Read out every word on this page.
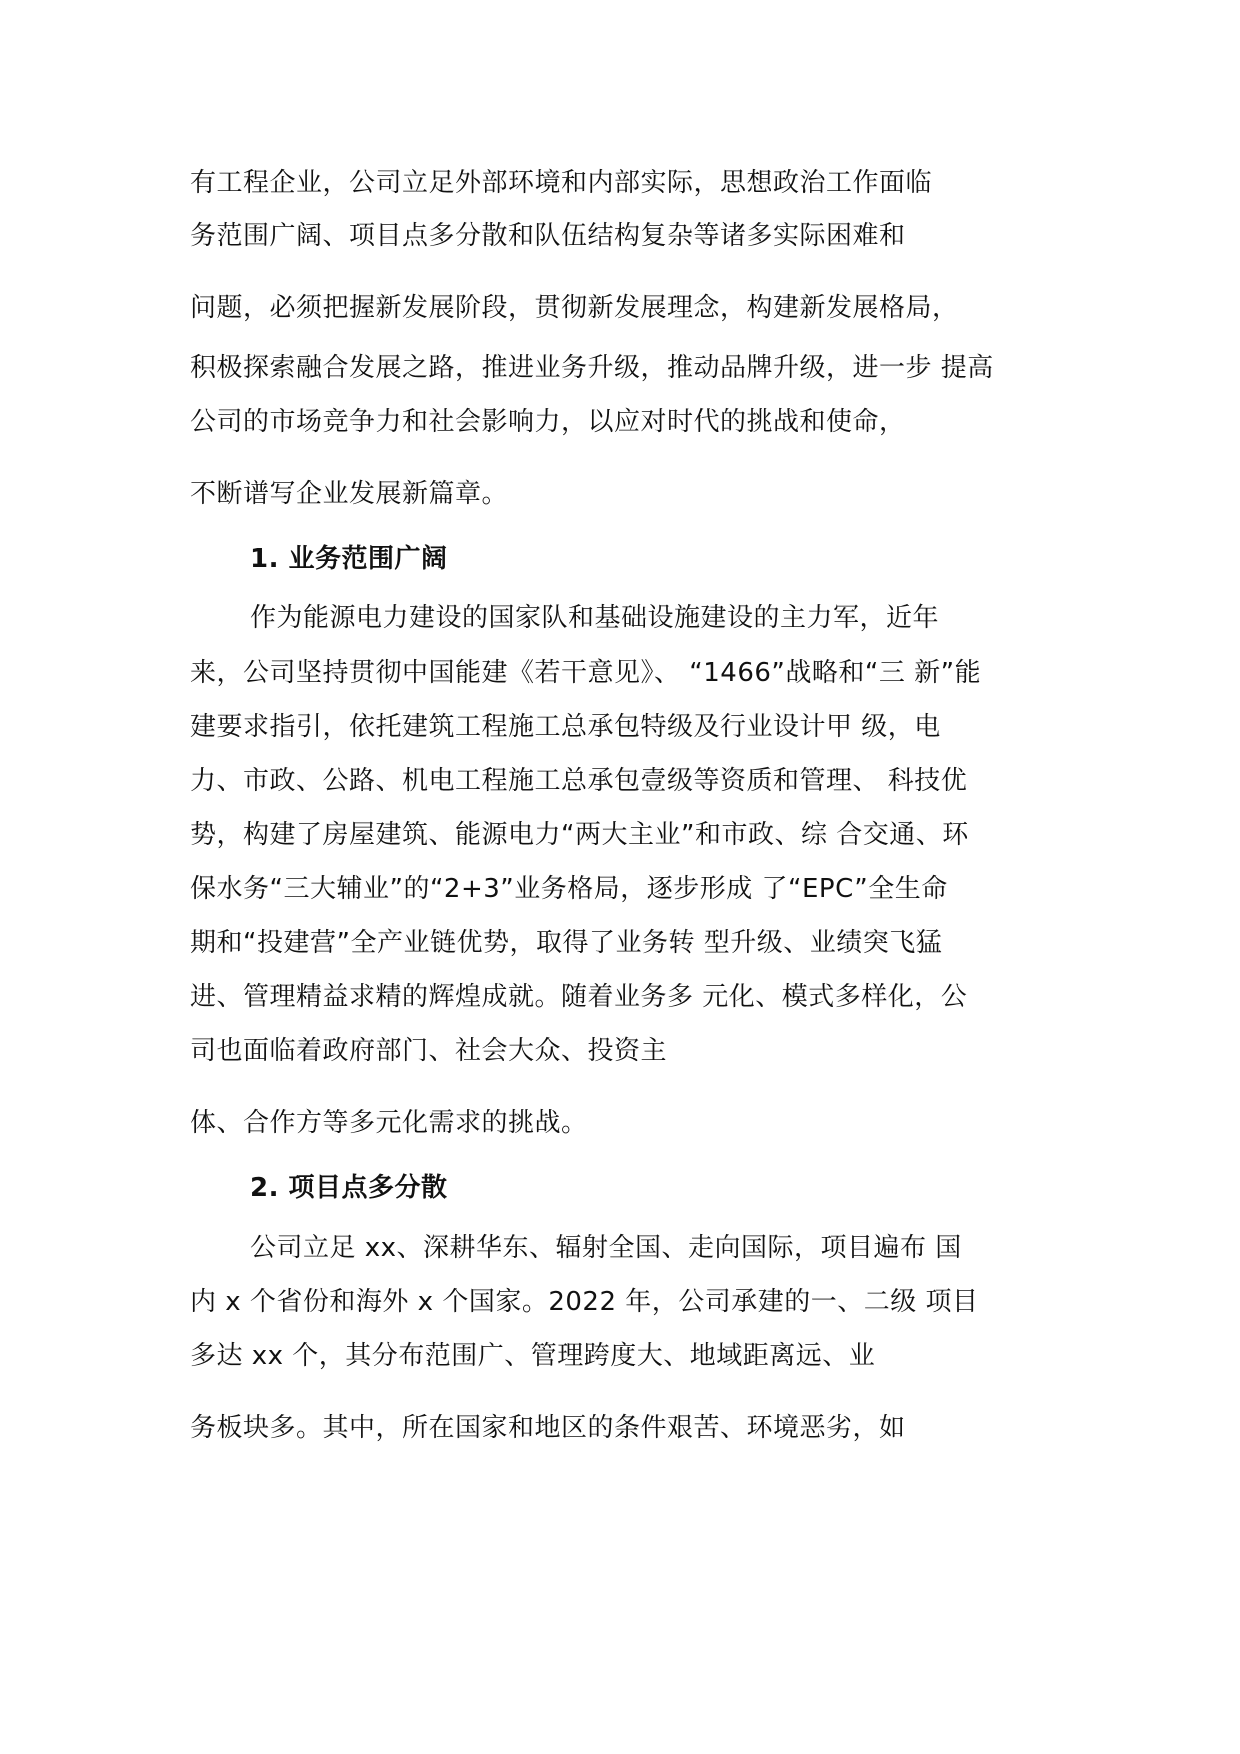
有工程企业，公司立足外部环境和内部实际，思想政治工作面临
务范围广阔、项目点多分散和队伍结构复杂等诸多实际困难和
问题，必须把握新发展阶段，贯彻新发展理念，构建新发展格局，
积极探索融合发展之路，推进业务升级，推动品牌升级，进一步 提高
公司的市场竞争力和社会影响力，以应对时代的挑战和使命，
不断谱写企业发展新篇章。
1. 业务范围广阔
作为能源电力建设的国家队和基础设施建设的主力军，近年
来，公司坚持贯彻中国能建《若干意见》、 “1466”战略和“三 新”能
建要求指引，依托建筑工程施工总承包特级及行业设计甲 级，电
力、市政、公路、机电工程施工总承包壹级等资质和管理、 科技优
势，构建了房屋建筑、能源电力“两大主业”和市政、综 合交通、环
保水务“三大辅业”的“2+3”业务格局，逐步形成 了“EPC”全生命
期和“投建营”全产业链优势，取得了业务转 型升级、业绩突飞猛
进、管理精益求精的辉煌成就。随着业务多 元化、模式多样化，公
司也面临着政府部门、社会大众、投资主
体、合作方等多元化需求的挑战。
2. 项目点多分散
公司立足 xx、深耕华东、辐射全国、走向国际，项目遍布 国
内 x 个省份和海外 x 个国家。2022 年，公司承建的一、二级 项目
多达 xx 个，其分布范围广、管理跨度大、地域距离远、业
务板块多。其中，所在国家和地区的条件艰苦、环境恶劣，如
